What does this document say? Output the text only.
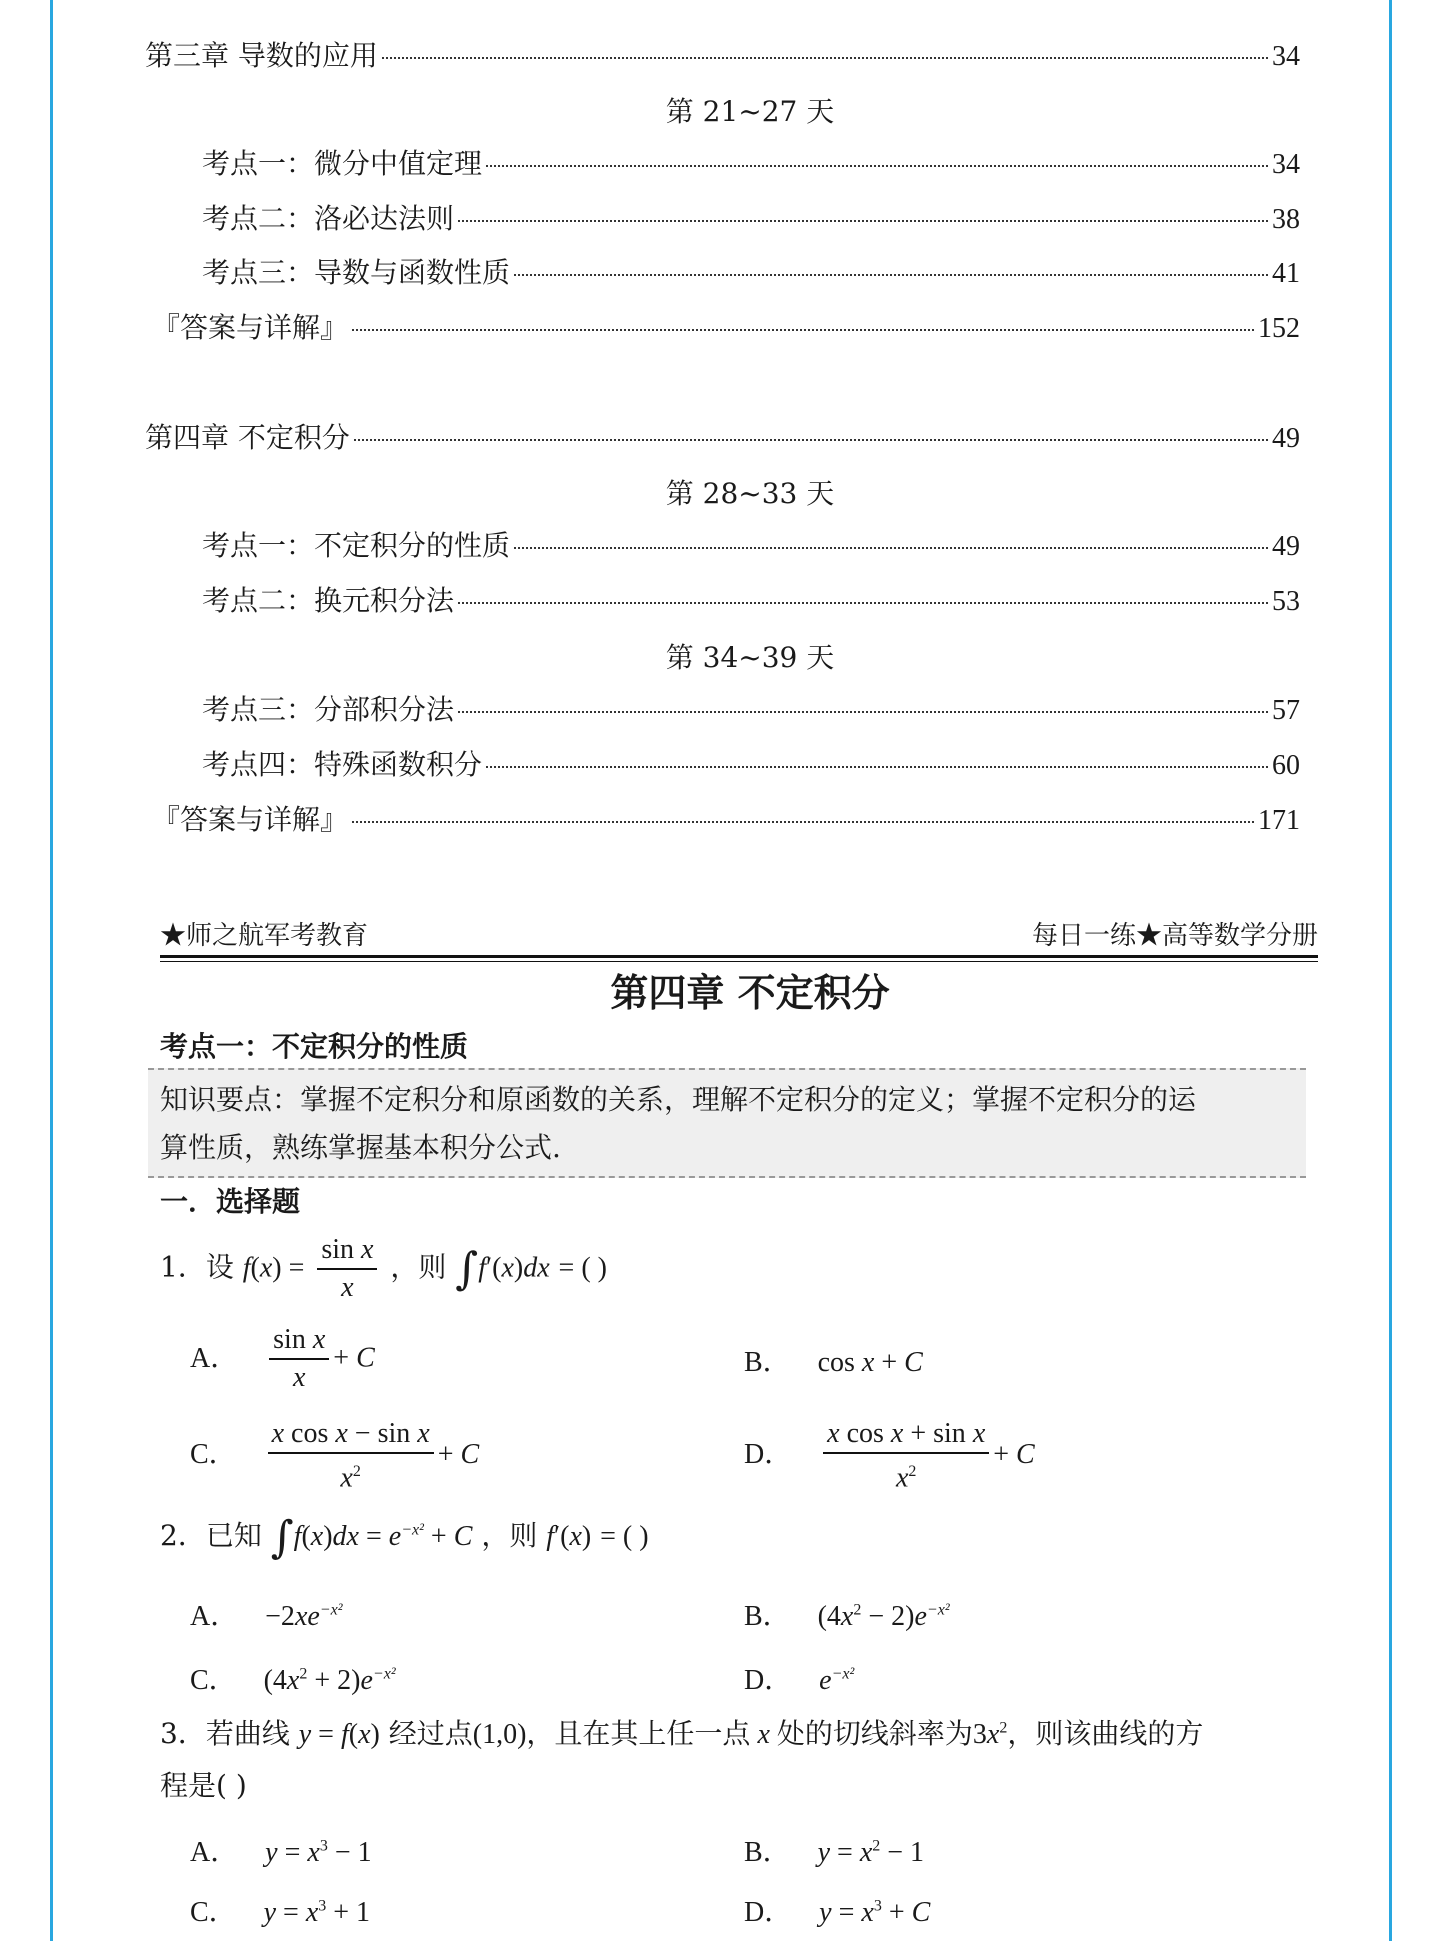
第三章 导数的应用	34
第 21~27 天
考点一：微分中值定理	34
考点二：洛必达法则	38
考点三：导数与函数性质	41
『答案与详解』	152
第四章 不定积分	49
第 28~33 天
考点一：不定积分的性质	49
考点二：换元积分法	53
第 34~39 天
考点三：分部积分法	57
考点四：特殊函数积分	60
『答案与详解』	171
★师之航军考教育	每日一练★高等数学分册
第四章 不定积分
考点一：不定积分的性质
知识要点：掌握不定积分和原函数的关系，理解不定积分的定义；掌握不定积分的运
算性质，熟练掌握基本积分公式.
一．选择题
1．设 $f(x) = \frac{\text{sin x}}{x}$ ，则 ∫f′(x)dx = ( )
A． $\frac{\text{sin x}}{x} + C$	B． cos x + C
C． $\frac{\text{x cos x − sin x}}{x^2} + C$	D． $\frac{\text{x cos x + sin x}}{x^2} + C$
2．已知 $\int f(x)dx = e^{-x^2} + C$ ，则 f′(x) = ( )
A． $-2xe^{-x^2}$	B． $(4x^2 - 2)e^{-x^2}$
C． $(4x^2 + 2)e^{-x^2}$	D． $e^{-x^2}$
3．若曲线 y = f(x) 经过点(1,0)，且在其上任一点 x 处的切线斜率为$3x^2$，则该曲线的方
程是( )
A． $y = x^3 - 1$	B． $y = x^2 - 1$
C． $y = x^3 + 1$	D． $y = x^3 + C$
